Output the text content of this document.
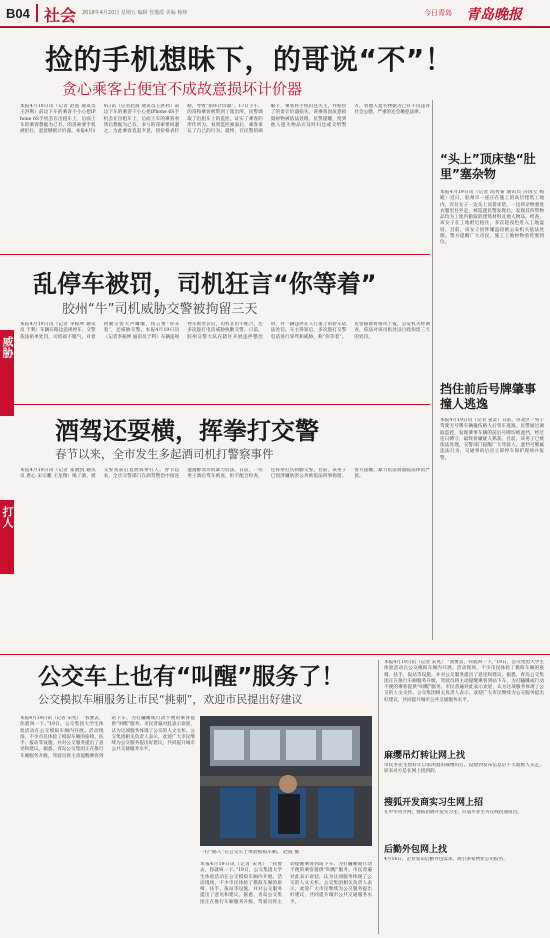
B04 社会 2018年4月20日 星期五 编辑 管豫霞 美编 杨帅	今日青岛 青岛晚报
捡的手机想昧下，的哥说“不”！
贪心乘客占便宜不成故意损坏计价器
本报4月19日讯（记者 赵波 通讯员 王洪利）前边下车的乘客不小心把iPhone 6S手机丢在出租车上，后面上车的乘客想据为己有，的哥索要手机被拒后，恶意掰断计价器。本报4月19日讯（记者赵波 通讯员王洪利）前边下车的乘客不小心把iPhone 6S手机丢在出租车上，后面上车的乘客看到后想据为己有，多亏的哥索要回避之，为此乘客竟起歹意，将价格表拧断，导致“损坏计价器”。17日下午，的哥和乘客被带到了派出所，民警调取了出租车上的监控，证实了乘客的所作所为。看到监控画面后，乘客承认了自己的行为。最终，在民警的调解下，乘客将手机归还失主，并赔偿了的哥计价器损失。该乘客因故意损毁财物被依法处理。民警提醒，捡到他人遗失物品应及时归还或交给警方，将他人遗失物据为己有不仅违背社会公德，严重的还会触犯法律。
“头上”顶床垫“肚里”塞杂物
本报4月19日讯（记者 高秀菊 通讯员 冯再宝 梅殿）近日，胶州市一座正在施工的高层建筑工地内，有位女子一边头上顶着床垫，一边将杂物塞进衣服里往外走，被巡逻民警发现后，发现其所带物品均为工地内偷取的建筑材料及他人物品。经查，该女子在工地附近租住，多次趁夜色进入工地盗窃。目前，该女子因涉嫌盗窃被公安机关依法处理。警方提醒广大市民，施工工地财物看管要到位。
威胁
乱停车被罚，司机狂言“你等着”
胶州“牛”司机威胁交警被拘留三天
本报4月19日讯（记者 李振坤 通讯员 于利）车辆在路边违规停车，交警依法贴单处罚，司机却不服气，对着执勤交警大声嚷嚷，扬言要“你等着”，还威胁交警。本报4月19日讯（记者李振坤 通讯员于利）车辆违规停车被处罚后，司机非但不配合，还多次拨打电话威胁执勤交警。日前，胶州交警大队在辖区开展违停整治时，对一辆违停在人行道上的轿车依法处罚。车主得知后，多次拨打交警电话进行辱骂和威胁，称“你等着”。民警随即将情况上报，公安机关经调查，依法对该司机处以行政拘留三天的处罚。
挡住前后号牌肇事撞人逃逸
本报4月19日讯（记者 姜灵）日前，市北区一男子驾驶无号牌车辆撞伤路人后驾车逃逸。民警通过调取监控，发现肇事车辆的前后号牌均被遮挡，经过连日蹲守，最终将嫌疑人抓获。目前，该男子已被依法处理，交警部门提醒广大驾驶人，遮挡号牌属违法行为，交通事故后应立即停车保护现场并报警。
打人
酒驾还耍横，挥拳打交警
春节以来，全市发生多起酒司机打警察事件
本报4月19日讯（记者 张晓凯 通讯员 唐心 宋宗鹏 王龙翔）喝了酒，被交警查获后竟然挥拳打人。春节以来，全市交警部门在酒驾整治中接连遭遇醉驾司机暴力抗法。日前，一名男子酒后驾车被查，拒不配合检查，还挥拳打伤执勤交警。目前，该男子已因涉嫌妨害公务被依法刑事拘留。警方提醒，暴力抗法将面临法律的严惩。
公交车上也有“叫醒”服务了！
公交模拟车厢服务让市民“挑刺”，欢迎市民提出好建议
本报4月19日讯（记者 宋兆） “我要去，你就叫一下。”19日，公交集团大学生体验活动在公交模拟车厢内开展。活动现场，不少市民体验了模拟车厢的座椅、扶手、报站等设施，并对公交服务提出了意见和建议。据悉，青岛公交集团正在推行车厢服务升级，驾驶员将主动提醒乘客到站下车，为打瞌睡或行动不便的乘客提供“叫醒”服务。市民普遍对此表示欢迎，认为这项服务体现了公交的人文关怀。公交集团相关负责人表示，欢迎广大市民继续为公交服务提出好建议，共同提升城市公共交通服务水平。
一位“路人”在公交车上体验模拟车厢。 赵波 摄
本报4月19日讯（记者 宋兆） “我要去，你就叫一下。”19日，公交集团大学生体验活动在公交模拟车厢内开展。活动现场，不少市民体验了模拟车厢的座椅、扶手、报站等设施，并对公交服务提出了意见和建议。据悉，青岛公交集团正在推行车厢服务升级，驾驶员将主动提醒乘客到站下车，为打瞌睡或行动不便的乘客提供“叫醒”服务。市民普遍对此表示欢迎，认为这项服务体现了公交的人文关怀。公交集团相关负责人表示，欢迎广大市民继续为公交服务提出好建议，共同提升城市公共交通服务水平。
本报4月19日讯（记者 宋兆） “我要去，你就叫一下。”19日，公交集团大学生体验活动在公交模拟车厢内开展。活动现场，不少市民体验了模拟车厢的座椅、扶手、报站等设施，并对公交服务提出了意见和建议。据悉，青岛公交集团正在推行车厢服务升级，驾驶员将主动提醒乘客到站下车，为打瞌睡或行动不便的乘客提供“叫醒”服务。市民普遍对此表示欢迎，认为这项服务体现了公交的人文关怀。公交集团相关负责人表示，欢迎广大市民继续为公交服务提出好建议，共同提升城市公共交通服务水平。
麻缨吊灯转让网上找
市民李先生想转让自家闲置的麻缨吊灯，没想到发布信息后不久就被人买走，原来对方是在网上找到的。
搜狐开发商实习生网上招
在中华英才网，搜狐招聘开发实习生，应届毕业生可在线投递简历。
后勤外包网上找
4月16日，企业发布后勤外包需求，吸引多家物业公司报名。
